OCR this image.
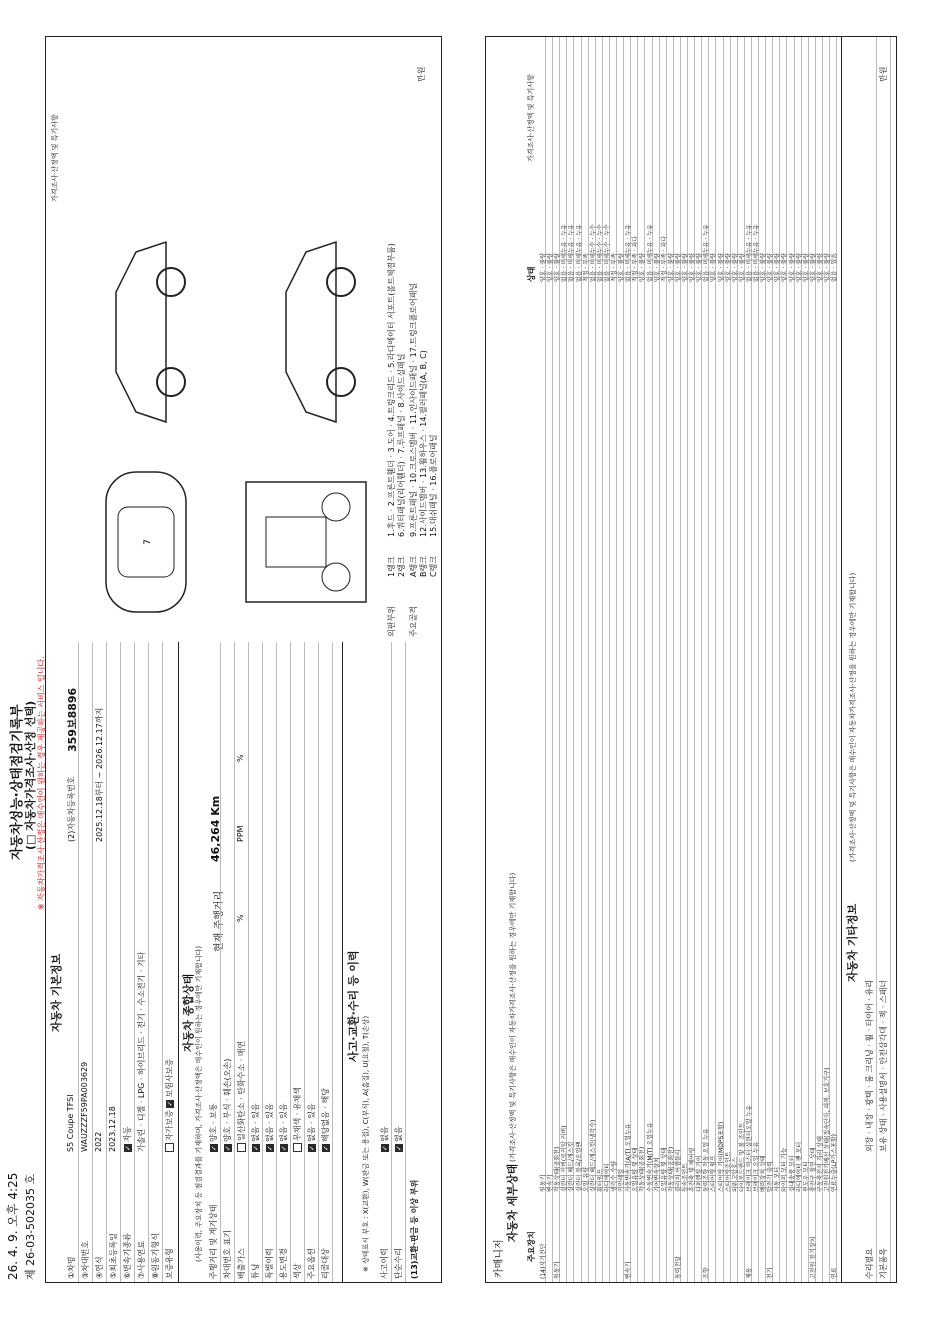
26. 4. 9. 오후 4:25 제 26-03-502035 호
자동차성능·상태점검기록부 (□ 자동차가격조사·산정 선택) ※ 자동차가격조사·산정은 매수인이 원하는 경우 제공하는 서비스 입니다.
자동차 기본정보
①차명
S5 Coupe TFSI
③차대번호
WAUZZZF59PA003629
④연식
2022
⑤최초등록일
2023.12.18
⑥변속기종류
✓자동
⑦사용연료
가솔린 · 디젤 · LPG · 하이브리드 · 전기 · 수소전기 · 기타
⑧원동기형식 보증유형
자가보증 ✓보험사보증
(2)자동차등록번호
359보8896 2025.12.18부터 ~ 2026.12.17까지
자동차 종합상태 (사용이력, 주요장치 등 점검결과를 기재하며, 가격조사·산정액은 매수인이 원하는 경우에만 기재합니다)
현재 주행거리
46,264 Km
주행거리 및 계기상태
✓양호 · 보통
차대번호 표기
✓양호 · 부식 · 훼손(오손)
배출가스
일산화탄소 · 탄화수소 · 매연
%
PPM
%
튜닝
✓없음 · 있음
특별이력
✓없음 · 있음
용도변경
✓없음 · 있음
색상
무채색 · 유채색
주요옵션
✓없음 · 있음
리콜대상
✓해당없음 · 해당
사고·교환·수리 등 이력
※ 상태표시 부호 : X(교환), W(판금 또는 용접), C(부식), A(흠집), U(요철), T(손상) 사고이력
✓없음
단순수리
✓없음
(13)교환·판금 등 이상 부위
7
외판부위
1랭크
1.후드 · 2.프론트휀더 · 3.도어 · 4.트렁크리드 · 5.라디에이터 서포트(볼트체결부품)
2랭크
6.쿼터패널(리어휀더) · 7.루프패널 · 8.사이드실패널
주요골격
A랭크
9.프론트패널 · 10.크로스멤버 · 11.인사이드패널 · 17.트렁크플로어패널
B랭크
12.사이드멤버 · 13.휠하우스 · 14.필러패널(A, B, C)
C랭크
15.대쉬패널 · 16.플로어패널
가격조사·산정액 및 특기사항
만원
카매니저
자동차 세부상태
(가격조사·산정액 및 특기사항은 매수인이 자동차가격조사·산정을 원하는 경우에만 기재합니다)
주요장치
상태
가격조사·산정액 및 특기사항
(14)자기진단
원동기
양호 · 불량
변속기
양호 · 불량
원동기
작동상태(공회전)
양호 · 불량
실린더 커버(로커암 커버)
없음 · 미세누유 · 누유
실린더 헤드/개스킷
없음 · 미세누유 · 누유
실린더 블록/오일팬
없음 · 미세누유 · 누유
오일 유량
적정 · 부족
실린더 헤드/개스킷(냉각수)
없음 · 미세누수 · 누수
워터펌프
없음 · 미세누수 · 누수
라디에이터
없음 · 미세누수 · 누수
냉각수 수량
적정 · 부족
커먼레일
양호 · 불량
변속기
자동변속기(A/T) 오일누유
없음 · 미세누유 · 누유
오일유량 및 상태
적정 · 부족 · 과다
작동상태(공회전)
양호 · 불량
수동변속기(M/T) 오일누유
없음 · 미세누유 · 누유
기어변속장치
양호 · 불량
오일유량 및 상태
적정 · 부족 · 과다
작동상태(공회전)
양호 · 불량
동력전달
클러치 어셈블리
양호 · 불량
등속조인트
양호 · 불량
추진축 및 베어링
양호 · 불량
디퍼렌셜 기어
양호 · 불량
조향
동력조향 작동 오일 누유
없음 · 미세누유 · 누유
스티어링 펌프
양호 · 불량
스티어링 기어(MDPS포함)
양호 · 불량
스티어링조인트
양호 · 불량
파워고압호스
양호 · 불량
타이로드엔드 및 볼 조인트
양호 · 불량
제동
브레이크 마스터 실린더오일 누유
없음 · 미세누유 · 누유
브레이크 오일 누유
없음 · 미세누유 · 누유
배력장치 상태
양호 · 불량
전기
발전기 출력
양호 · 불량
시동 모터
양호 · 불량
와이퍼 모터 기능
양호 · 불량
실내송풍 모터
양호 · 불량
라디에이터 팬 모터
양호 · 불량
윈도우 모터
양호 · 불량
고전원 전기장치
충전구 절연 상태
양호 · 불량
구동축전지 격리 상태
양호 · 불량
고전원전기배선 상태(접속단자, 피복, 보호기구)
양호 · 불량
연료
연료누출(LP가스포함)
없음 · 있음
자동차 기타정보
(가격조사·산정액 및 특기사항은 매수인이 자동차가격조사·산정을 원하는 경우에만 기재합니다)
수리필요
외장 · 내장 · 광택 · 룸 크리닝 · 휠 · 타이어 · 유리
기본품목
보유 상태 · 사용설명서 · 안전삼각대 · 잭 · 스패너
만원
